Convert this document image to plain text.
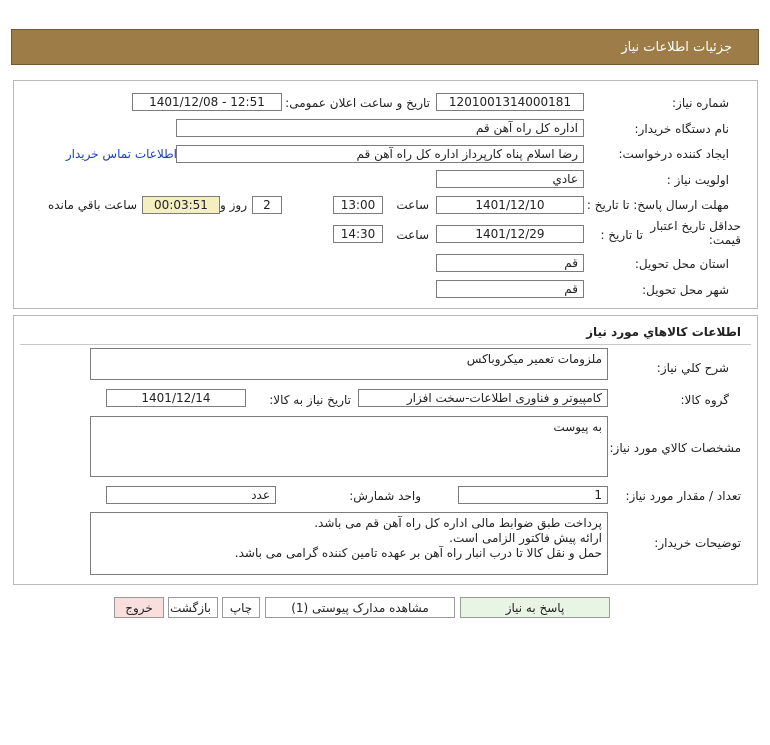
جزئیات اطلاعات نیاز
شماره نیاز:
1201001314000181
تاریخ و ساعت اعلان عمومی:
1401/12/08 - 12:51
نام دستگاه خریدار:
اداره کل راه آهن قم
ایجاد کننده درخواست:
رضا اسلام پناه کارپرداز اداره کل راه آهن قم
اطلاعات تماس خریدار
اولویت نیاز :
عادي
مهلت ارسال پاسخ: تا تاریخ :
1401/12/10
ساعت
13:00
2
روز و
00:03:51
ساعت باقي مانده
حداقل تاریخ اعتبار قیمت:
تا تاریخ :
1401/12/29
ساعت
14:30
استان محل تحویل:
قم
شهر محل تحویل:
قم
اطلاعات کالاهاي مورد نياز
شرح کلي نياز:
ملزومات تعمیر میکروباکس
گروه کالا:
کامپیوتر و فناوری اطلاعات-سخت افزار
تاریخ نیاز به کالا:
1401/12/14
مشخصات کالاي مورد نياز:
به پیوست
تعداد / مقدار مورد نیاز:
1
واحد شمارش:
عدد
توضیحات خریدار:
پرداخت طبق ضوابط مالی اداره کل راه آهن قم می باشد.
ارائه پیش فاکتور الزامی است.
حمل و نقل کالا تا درب انبار راه آهن بر عهده تامین کننده گرامی می باشد.
پاسخ به نیاز
مشاهده مدارک پیوستی (1)
چاپ
بازگشت
خروج
